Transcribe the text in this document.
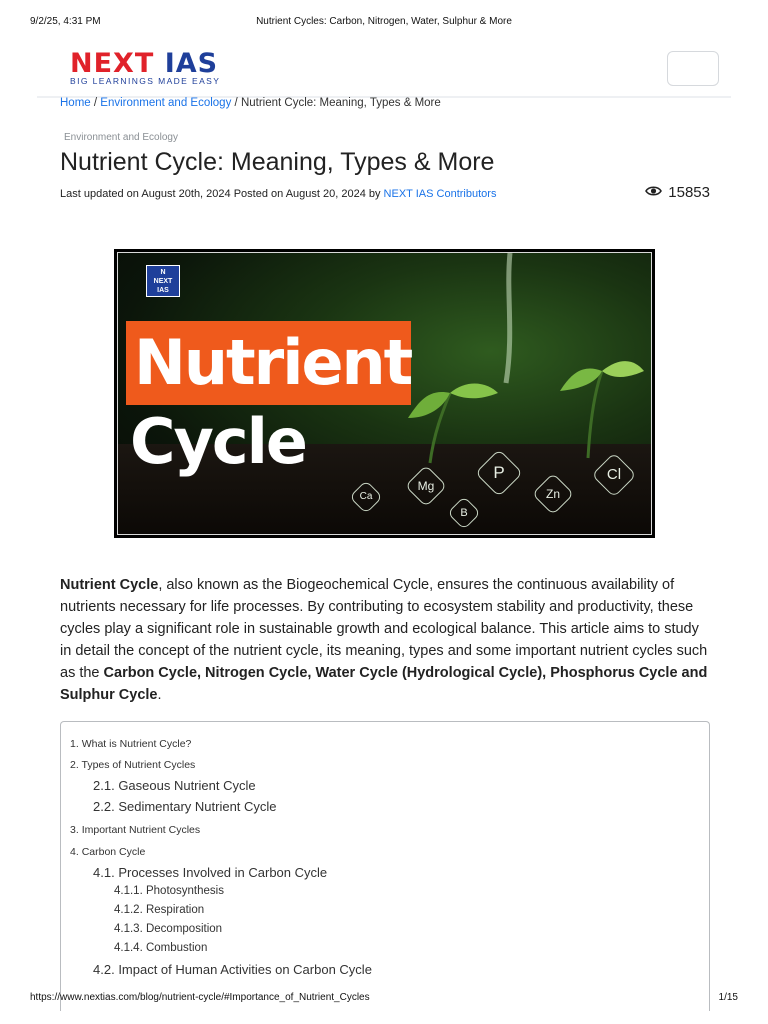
9/2/25, 4:31 PM	Nutrient Cycles: Carbon, Nitrogen, Water, Sulphur & More
NEXT IAS
BIG LEARNINGS MADE EASY
Home / Environment and Ecology / Nutrient Cycle: Meaning, Types & More
Environment and Ecology
Nutrient Cycle: Meaning, Types & More
Last updated on August 20th, 2024 Posted on August 20, 2024 by NEXT IAS Contributors	15853
N
NEXT
IAS
Nutrient
Cycle
Ca
Mg
B
P
Zn
Cl

Nutrient Cycle, also known as the Biogeochemical Cycle, ensures the continuous availability of nutrients necessary for life processes. By contributing to ecosystem stability and productivity, these cycles play a significant role in sustainable growth and ecological balance. This article aims to study in detail the concept of the nutrient cycle, its meaning, types and some important nutrient cycles such as the Carbon Cycle, Nitrogen Cycle, Water Cycle (Hydrological Cycle), Phosphorus Cycle and Sulphur Cycle.

1. What is Nutrient Cycle?
2. Types of Nutrient Cycles
2.1. Gaseous Nutrient Cycle
2.2. Sedimentary Nutrient Cycle
3. Important Nutrient Cycles
4. Carbon Cycle
4.1. Processes Involved in Carbon Cycle
4.1.1. Photosynthesis
4.1.2. Respiration
4.1.3. Decomposition
4.1.4. Combustion
4.2. Impact of Human Activities on Carbon Cycle
https://www.nextias.com/blog/nutrient-cycle/#Importance_of_Nutrient_Cycles	1/15
